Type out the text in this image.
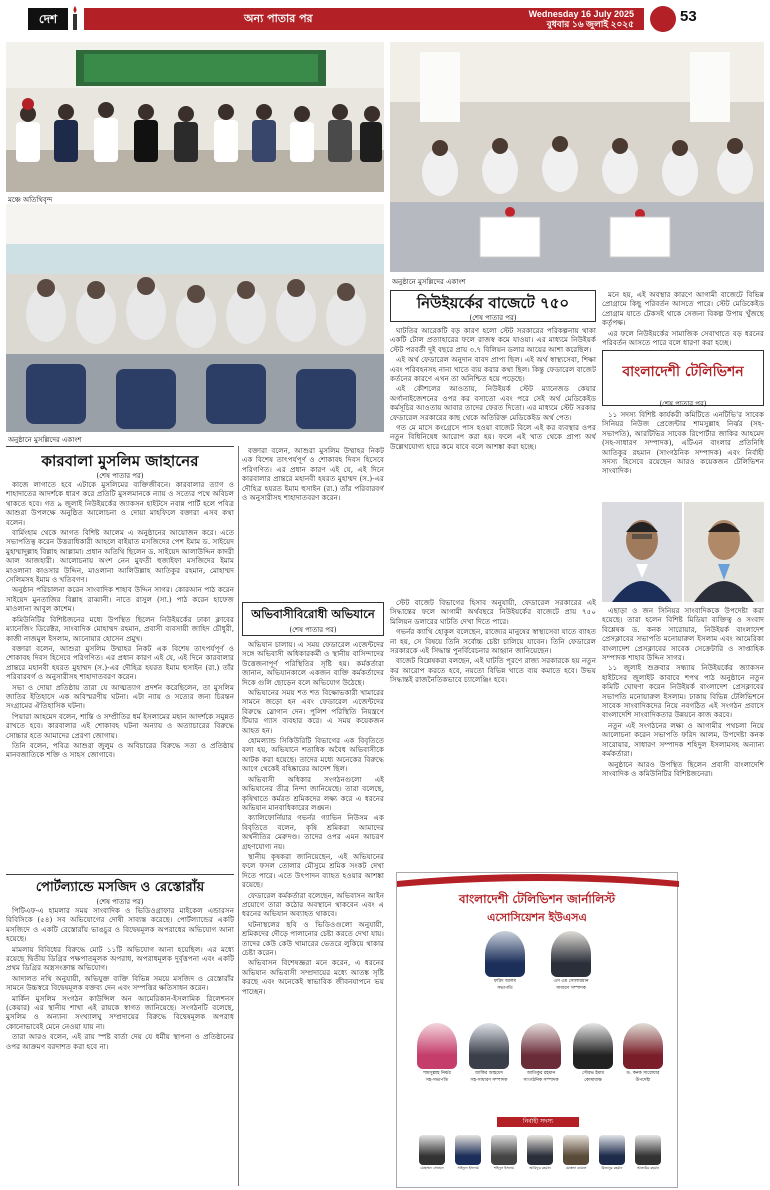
দেশ	অন্য পাতার পর	Wednesday 16 July 2025
বুধবার ১৬ জুলাই ২০২৫	53
মঞ্চে অতিথিবৃন্দ
অনুষ্ঠানে মুসল্লিদের একাংশ
অনুষ্ঠানে মুসল্লিদের একাংশ
নিউইয়র্কের বাজেটে ৭৫০
(শেষ পাতার পর)

ঘাটতির আরেকটি বড় কারণ হলো স্টেট সরকারের পরিকল্পনায় থাকা একটি টোল প্রত্যাহারের ফলে রাজস্ব কমে যাওয়া। এর মাধ্যমে নিউইয়র্ক স্টেট পরবর্তী দুই বছরে প্রায় ৩.৭ বিলিয়ন ডলার আয়ের আশা করেছিল।

এই অর্থ ফেডারেল অনুদান বাবদ প্রাপ্য ছিল। এই অর্থ স্বাস্থ্যসেবা, শিক্ষা এবং পরিবহনসহ নানা খাতে ব্যয় করার কথা ছিল। কিন্তু ফেডারেল বাজেট কর্তনের কারণে এখন তা অনিশ্চিত হয়ে পড়েছে।

এই কৌশলের আওতায়, নিউইয়র্ক স্টেট ম্যানেজড কেয়ার অর্গানাইজেশনের ওপর কর বসাতো এবং পরে সেই অর্থ মেডিকেইড কর্মসূচির আওতায় আবার তাদের ফেরত দিতো। এর মাধ্যমে স্টেট সরকার ফেডারেল সরকারের কাছ থেকে অতিরিক্ত মেডিকেইড অর্থ পেত।

গত মে মাসে কংগ্রেসে পাস হওয়া বাজেট বিলে এই কর ব্যবস্থার ওপর নতুন বিধিনিষেধ আরোপ করা হয়। ফলে এই খাত থেকে প্রাপ্য অর্থ উল্লেখযোগ্য হারে কমে যাবে বলে আশঙ্কা করা হচ্ছে।

স্টেট বাজেট বিভাগের হিসাব অনুযায়ী, ফেডারেল সরকারের এই সিদ্ধান্তের ফলে আগামী অর্থবছরে নিউইয়র্কের বাজেটে প্রায় ৭৫০ মিলিয়ন ডলারের ঘাটতি দেখা দিতে পারে।

গভর্নর ক্যাথি হোকুল বলেছেন, রাজ্যের মানুষের স্বাস্থ্যসেবা যাতে ব্যাহত না হয়, সে বিষয়ে তিনি সর্বোচ্চ চেষ্টা চালিয়ে যাবেন। তিনি ফেডারেল সরকারকে এই সিদ্ধান্ত পুনর্বিবেচনার আহ্বান জানিয়েছেন।

বাজেট বিশ্লেষকরা বলছেন, এই ঘাটতি পূরণে রাজ্য সরকারকে হয় নতুন কর আরোপ করতে হবে, নয়তো বিভিন্ন খাতে ব্যয় কমাতে হবে। উভয় সিদ্ধান্তই রাজনৈতিকভাবে চ্যালেঞ্জিং হবে।

মনে হয়, এই অবস্থার কারণে আগামী বাজেটে বিভিন্ন প্রোগ্রামে কিছু পরিবর্তন আসতে পারে। স্টেট মেডিকেইড প্রোগ্রাম যাতে টেকসই থাকে সেজন্য বিকল্প উপায় খুঁজছে কর্তৃপক্ষ।

এর ফলে নিউইয়র্কের সামাজিক সেবাখাতে বড় ধরনের পরিবর্তন আসতে পারে বলে ধারণা করা হচ্ছে।

বাংলাদেশী টেলিভিশন
(শেষ পাতার পর)

১১ সদস্য বিশিষ্ট কার্যকরী কমিটিতে এনটিভি'র সাবেক সিনিয়র নিউজ প্রেজেন্টার শামসুল্লাহ নির্ঝর (সহ-সভাপতি), আরটিভির সাবেক রিপোর্টার জাকির আহমেদ (সহ-সাধারণ সম্পাদক), এটিএন বাংলার প্রতিনিধি আতিকুর রহমান (সাংগঠনিক সম্পাদক) এবং নির্বাহী সদস্য হিসেবে রয়েছেন আরও কয়েকজন টেলিভিশন সাংবাদিক।

এছাড়া ও জন সিনিয়র সাংবাদিককে উপদেষ্টা করা হয়েছে। তারা হলেন বিশিষ্ট মিডিয়া ব্যক্তিত্ব ও সংবাদ বিশ্লেষক ড. কনক সারোয়ার, নিউইয়র্ক বাংলাদেশ প্রেসক্লাবের সভাপতি মনোয়ারুল ইসলাম এবং আমেরিকা বাংলাদেশ প্রেসক্লাবের সাবেক সেক্রেটারি ও সাপ্তাহিক সম্পাদক শাহাব উদ্দিন সাগর।

১১ জুলাই শুক্রবার সন্ধ্যায় নিউইয়র্কের জ্যাকসন হাইটসের জুলাইট কাবাবে শপথ পাঠ অনুষ্ঠানে নতুন কমিটি ঘোষণা করেন নিউইয়র্ক বাংলাদেশ প্রেসক্লাবের সভাপতি মনোয়ারুল ইসলাম। ঢাকায় বিভিন্ন টেলিভিশনে সাবেক সাংবাদিকদের নিয়ে নবগঠিত এই সংগঠন প্রবাসে বাংলাদেশি সাংবাদিকতার উন্নয়নে কাজ করবে।

নতুন এই সংগঠনের লক্ষ্য ও আগামীর পথচলা নিয়ে আলোচনা করেন সভাপতি ফরিদ আলম, উপদেষ্টা কনক সারোয়ার, সাধারণ সম্পাদক শহিদুল ইসলামসহ অন্যান্য কর্মকর্তারা।

অনুষ্ঠানে আরও উপস্থিত ছিলেন প্রবাসী বাংলাদেশি সাংবাদিক ও কমিউনিটির বিশিষ্টজনেরা।

কারবালা মুসলিম জাহানের
(শেষ পাতার পর)

কাজে লাগাতে হবে এটাকে মুসলিমের ব্যক্তিজীবনে। কারবালার ত্যাগ ও শাহাদাতের আদর্শকে ধারণ করে প্রতিটি মুসলমানকে ন্যায় ও সত্যের পথে অবিচল থাকতে হবে। গত ৯ জুলাই নিউইয়র্কের জ্যাকসন হাইটসে নবান্ন পার্টি হলে পবিত্র আশুরা উপলক্ষে অনুষ্ঠিত আলোচনা ও দোয়া মাহফিলে বক্তারা এসব কথা বলেন।

বার্মিংহাম থেকে আগত বিশিষ্ট আলেম এ অনুষ্ঠানের আয়োজন করে। এতে সভাপতিত্ব করেন উত্তরাধিকারী আহলে বাইয়াত মসজিদের পেশ ইমাম ড. সাইয়েদ মুহাম্মাদুল্লাহ বিল্লাহ আল্লামা। প্রধান অতিথি ছিলেন ড. সাইয়েদ আলাউদ্দিন কাদরী আল আজহারী। আলোচনায় অংশ নেন মুফতী হুজাইফা মসজিদের ইমাম মাওলানা কাওসার উদ্দিন, মাওলানা আলিউল্লাহ আতিকুর রহমান, মোহাম্মদ সেলিমসহ ইমাম ও খতিবগণ।

অনুষ্ঠান পরিচালনা করেন সাংবাদিক শাহাব উদ্দিন সাগর। কোরআন পাঠ করেন সাইয়েদ মুনতাজির বিল্লাহ রাব্বানী। নাতে রাসুল (সা.) পাঠ করেন হাফেজ মাওলানা আবুল কাশেম।

কমিউনিটির বিশিষ্টজনের মধ্যে উপস্থিত ছিলেন নিউইয়র্কের ঢাকা ক্লাবের ম্যানেজিং ডিরেক্টর, সাংবাদিক মোহাম্মদ রহমান, প্রবাসী ব্যবসায়ী জাহিদ চৌধুরী, কাজী নাজমুল ইসলাম, আনোয়ার হোসেন প্রমুখ।

বক্তারা বলেন, আশুরা মুসলিম উম্মাহর নিকট এক বিশেষ তাৎপর্যপূর্ণ ও শোকাবহ দিবস হিসেবে পরিগণিত। এর প্রধান কারণ এই যে, এই দিনে কারবালার প্রান্তরে মহানবী হযরত মুহাম্মদ (স.)-এর দৌহিত্র হযরত ইমাম হুসাইন (রা.) তাঁর পরিবারবর্গ ও অনুসারীসহ শাহাদাতবরণ করেন।

সভা ও দোয়া প্রতিষ্ঠায় তারা যে আত্মত্যাগ প্রদর্শন করেছিলেন, তা মুসলিম জাতির ইতিহাসে এক অবিস্মরণীয় ঘটনা। এটা ন্যায় ও সত্যের জন্য চিরন্তন সংগ্রামের ঐতিহাসিক ঘটনা।

পিয়ারা আহমেদ বলেন, শান্তি ও সম্প্রীতির ধর্ম ইসলামের মহান আদর্শকে সমুন্নত রাখতে হবে। কারবালার এই শোকাবহ ঘটনা অন্যায় ও অত্যাচারের বিরুদ্ধে সোচ্চার হতে আমাদের প্রেরণা জোগায়।

তিনি বলেন, পবিত্র আশুরা জুলুম ও অবিচারের বিরুদ্ধে সত্য ও প্রতিষ্ঠায় মানবজাতিকে শক্তি ও সাহস জোগাবে।

বক্তারা বলেন, আশুরা মুসলিম উম্মাহর নিকট এক বিশেষ তাৎপর্যপূর্ণ ও শোকাবহ দিবস হিসেবে পরিগণিত। এর প্রধান কারণ এই যে, এই দিনে কারবালার প্রান্তরে মহানবী হযরত মুহাম্মদ (স.)-এর দৌহিত্র হযরত ইমাম হুসাইন (রা.) তাঁর পরিবারবর্গ ও অনুসারীসহ শাহাদাতবরণ করেন।

অভিবাসীবিরোধী অভিযানে
(শেষ পাতার পর)

অভিযান চালায়। এ সময় ফেডারেল এজেন্টদের সঙ্গে অভিবাসী অধিকারকর্মী ও স্থানীয় বাসিন্দাদের উত্তেজনাপূর্ণ পরিস্থিতির সৃষ্টি হয়। কর্মকর্তারা জানান, অভিযানকালে একজন ব্যক্তি কর্মকর্তাদের দিকে গুলি ছোড়েন বলে অভিযোগ উঠেছে।

অভিযানের সময় শত শত বিক্ষোভকারী খামারের সামনে জড়ো হন এবং ফেডারেল এজেন্টদের বিরুদ্ধে স্লোগান দেন। পুলিশ পরিস্থিতি নিয়ন্ত্রণে টিয়ার গ্যাস ব্যবহার করে। এ সময় কয়েকজন আহত হন।

হোমল্যান্ড সিকিউরিটি বিভাগের এক বিবৃতিতে বলা হয়, অভিযানে শতাধিক অবৈধ অভিবাসীকে আটক করা হয়েছে। তাদের মধ্যে অনেকের বিরুদ্ধে আগে থেকেই বহিষ্কারের আদেশ ছিল।

অভিবাসী অধিকার সংগঠনগুলো এই অভিযানের তীব্র নিন্দা জানিয়েছে। তারা বলেছে, কৃষিখাতে কর্মরত শ্রমিকদের লক্ষ্য করে এ ধরনের অভিযান মানবাধিকারের লঙ্ঘন।

ক্যালিফোর্নিয়ার গভর্নর গ্যাভিন নিউসম এক বিবৃতিতে বলেন, কৃষি শ্রমিকরা আমাদের অর্থনীতির মেরুদণ্ড। তাদের ওপর এমন আচরণ গ্রহণযোগ্য নয়।

স্থানীয় কৃষকরা জানিয়েছেন, এই অভিযানের ফলে ফসল তোলার মৌসুমে শ্রমিক সংকট দেখা দিতে পারে। এতে উৎপাদন ব্যাহত হওয়ার আশঙ্কা রয়েছে।

ফেডারেল কর্মকর্তারা বলেছেন, অভিবাসন আইন প্রয়োগে তারা কঠোর অবস্থানে থাকবেন এবং এ ধরনের অভিযান অব্যাহত থাকবে।

ঘটনাস্থলের ছবি ও ভিডিওগুলো অনুযায়ী, শ্রমিকদের দৌড়ে পালানোর চেষ্টা করতে দেখা যায়। তাদের কেউ কেউ খামারের ভেতরে লুকিয়ে থাকার চেষ্টা করেন।

অভিবাসন বিশেষজ্ঞরা মনে করেন, এ ধরনের অভিযান অভিবাসী সম্প্রদায়ের মধ্যে আতঙ্ক সৃষ্টি করছে এবং অনেকেই স্বাভাবিক জীবনযাপনে ভয় পাচ্ছেন।

পোর্টল্যান্ডে মসজিদ ও রেস্তোরাঁয়
(শেষ পাতার পর)

পিটিএফ-এ হামলার সময় সাংবাদিক ও ভিডিওগ্রাফার মাইকেল এন্ডারসন বিবিসিকে (৫৪) সব অভিযোগের দোষী সাব্যস্ত করেছে। পোর্টল্যান্ডের একটি মসজিদে ও একটি রেস্তোরাঁয় ভাঙচুর ও বিদ্বেষমূলক অপরাধের অভিযোগ আনা হয়েছে।

মামলায় বিবিধের বিরুদ্ধে মোট ১১টি অভিযোগ আনা হয়েছিল। এর মধ্যে রয়েছে দ্বিতীয় ডিগ্রির পক্ষপাতমূলক অপরাধ, অপরাধমূলক দুর্বৃত্তপনা এবং একটি প্রথম ডিগ্রির অস্ত্রসংক্রান্ত অভিযোগ।

আদালত নথি অনুযায়ী, অভিযুক্ত ব্যক্তি বিভিন্ন সময়ে মসজিদ ও রেস্তোরাঁর সামনে উচ্চস্বরে বিদ্বেষমূলক বক্তব্য দেন এবং সম্পত্তির ক্ষতিসাধন করেন।

মার্কিন মুসলিম সংগঠন কাউন্সিল অন আমেরিকান-ইসলামিক রিলেশনস (কেয়ার) এর স্থানীয় শাখা এই রায়কে স্বাগত জানিয়েছে। সংগঠনটি বলেছে, মুসলিম ও অন্যান্য সংখ্যালঘু সম্প্রদায়ের বিরুদ্ধে বিদ্বেষমূলক অপরাধ কোনোভাবেই মেনে নেওয়া যায় না।

তারা আরও বলেন, এই রায় স্পষ্ট বার্তা দেয় যে ধর্মীয় স্থাপনা ও প্রতিষ্ঠানের ওপর আক্রমণ বরদাশত করা হবে না।

বাংলাদেশী টেলিভিশন জার্নালিস্ট
এসোসিয়েশন ইউএসএ
ফরিদ আলম
সভাপতি
এস এম সোলায়মান
সাধারণ সম্পাদক
শামসুল্লাহ নির্ঝর
সহ-সভাপতি
জাকির আহমেদ
সহ-সাধারণ সম্পাদক
আতিকুর রহমান
সাংগঠনিক সম্পাদক
সৌরভ ইমাম
কোষাধ্যক্ষ
ড. কনক সারোয়ার
উপদেষ্টা
নির্বাহী সদস্য
মোহাম্মদ সোহেল	সাইফুল ইসলাম	শহিদুল ইসলাম	আরিফুর রহমান	মোস্তফা কামাল	মিজানুর রহমান	আতাউর রহমান
